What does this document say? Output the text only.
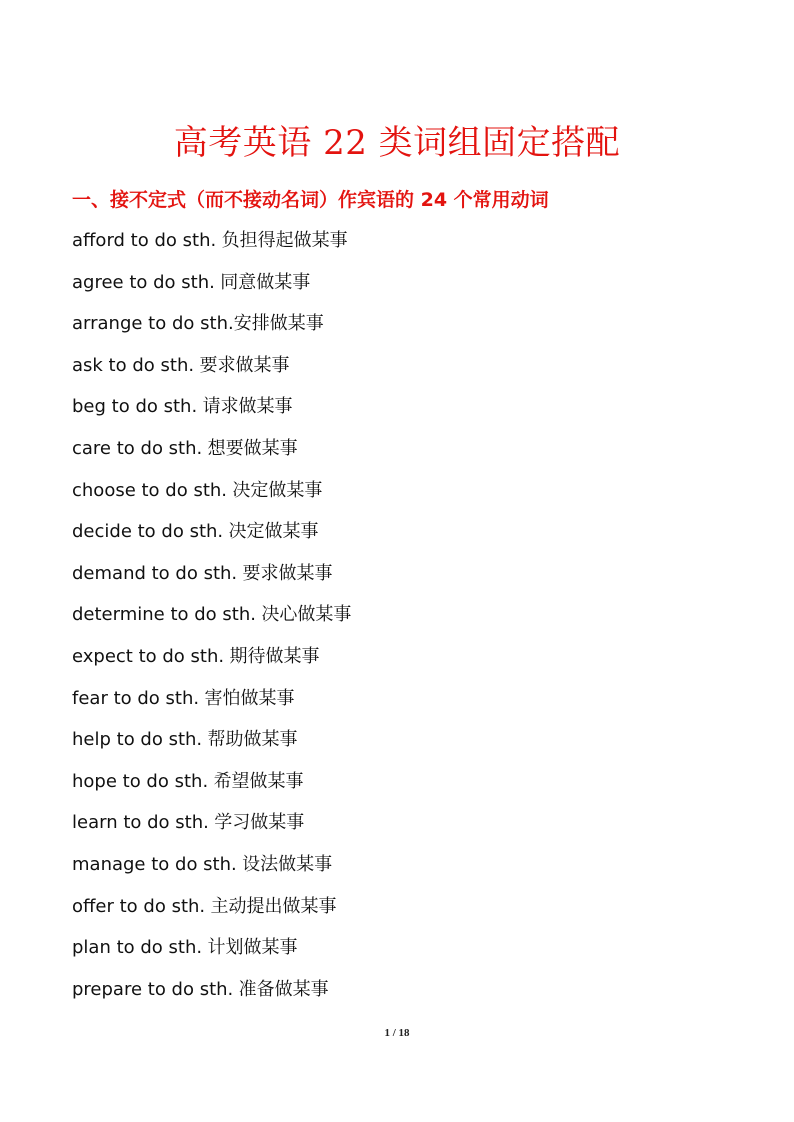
高考英语 22 类词组固定搭配
一、接不定式（而不接动名词）作宾语的 24 个常用动词
afford to do sth. 负担得起做某事
agree to do sth. 同意做某事
arrange to do sth.安排做某事
ask to do sth. 要求做某事
beg to do sth. 请求做某事
care to do sth. 想要做某事
choose to do sth. 决定做某事
decide to do sth. 决定做某事
demand to do sth. 要求做某事
determine to do sth. 决心做某事
expect to do sth. 期待做某事
fear to do sth. 害怕做某事
help to do sth. 帮助做某事
hope to do sth. 希望做某事
learn to do sth. 学习做某事
manage to do sth. 设法做某事
offer to do sth. 主动提出做某事
plan to do sth. 计划做某事
prepare to do sth. 准备做某事
1 / 18
